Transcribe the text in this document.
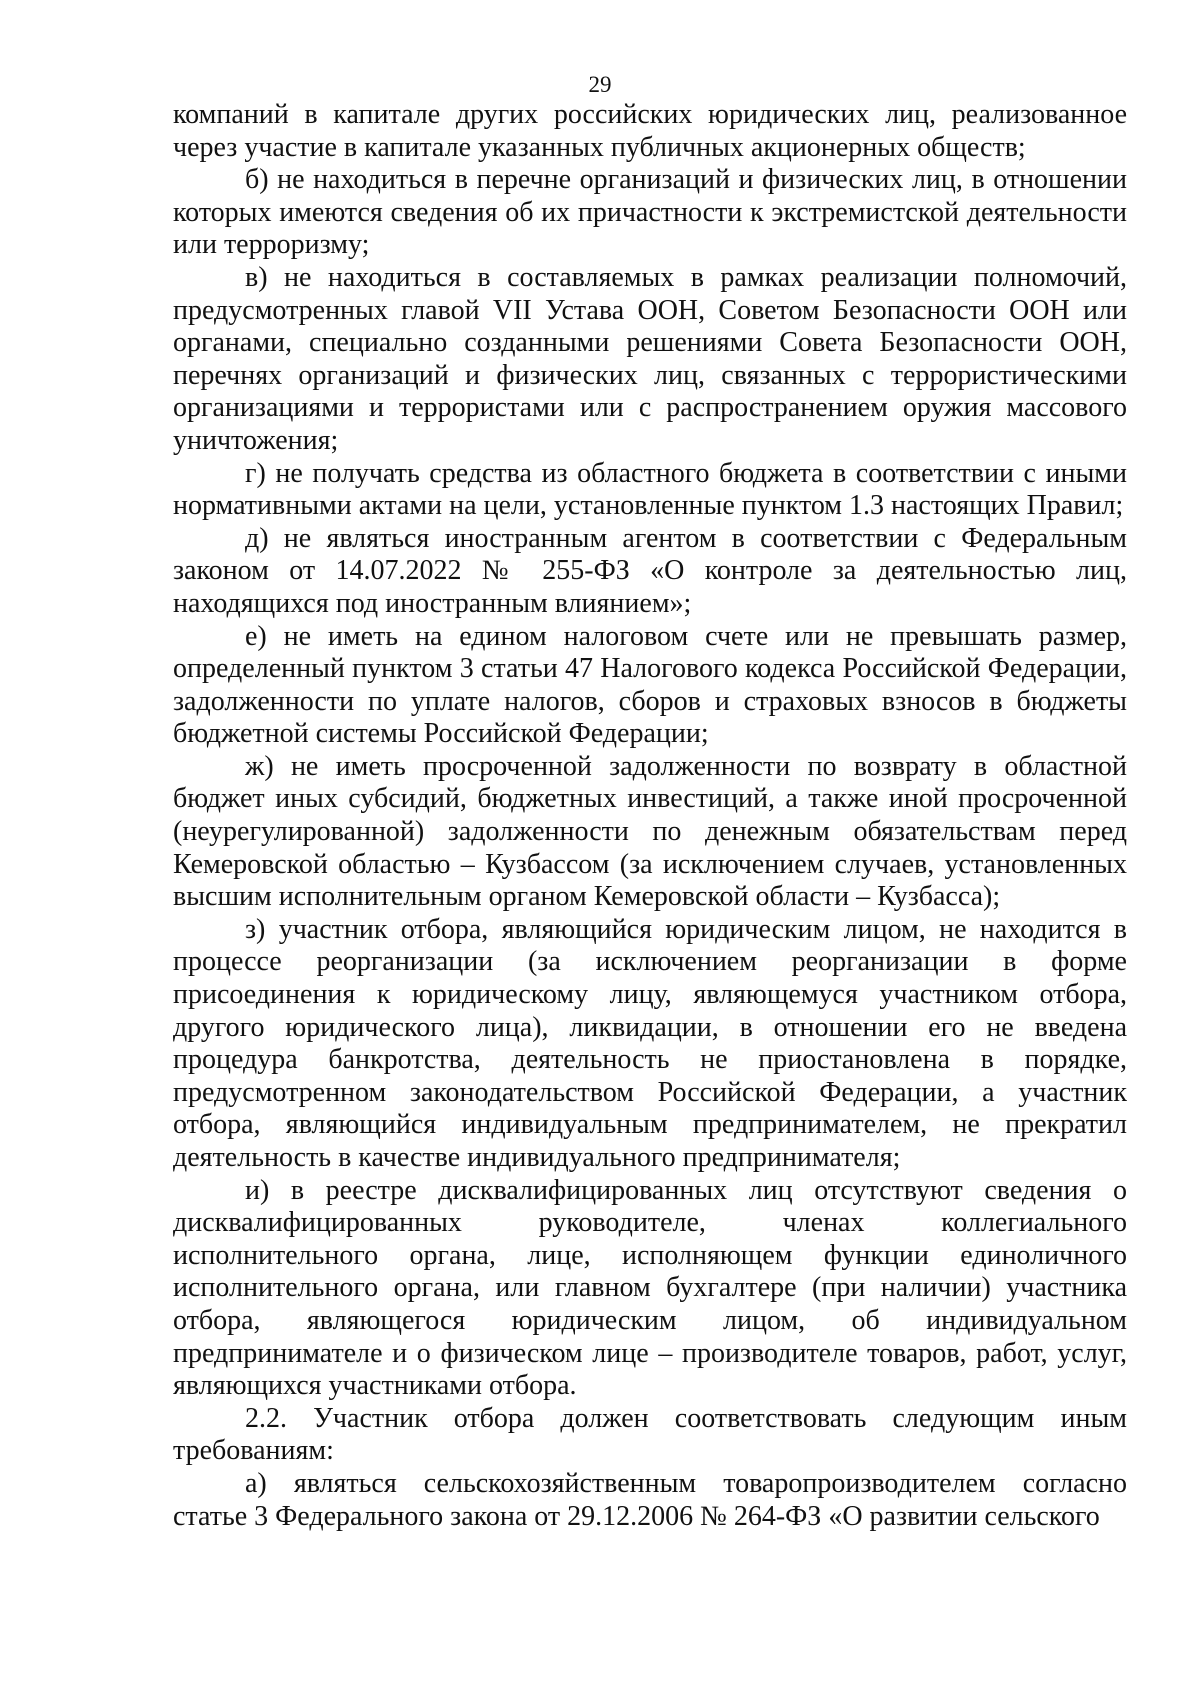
29

компаний в капитале других российских юридических лиц, реализованное через участие в капитале указанных публичных акционерных обществ;

б) не находиться в перечне организаций и физических лиц, в отношении которых имеются сведения об их причастности к экстремистской деятельности или терроризму;

в) не находиться в составляемых в рамках реализации полномочий, предусмотренных главой VII Устава ООН, Советом Безопасности ООН или органами, специально созданными решениями Совета Безопасности ООН, перечнях организаций и физических лиц, связанных с террористическими организациями и террористами или с распространением оружия массового уничтожения;

г) не получать средства из областного бюджета в соответствии с иными нормативными актами на цели, установленные пунктом 1.3 настоящих Правил;

д) не являться иностранным агентом в соответствии с Федеральным законом от 14.07.2022 № 255-ФЗ «О контроле за деятельностью лиц, находящихся под иностранным влиянием»;

е) не иметь на едином налоговом счете или не превышать размер, определенный пунктом 3 статьи 47 Налогового кодекса Российской Федерации, задолженности по уплате налогов, сборов и страховых взносов в бюджеты бюджетной системы Российской Федерации;

ж) не иметь просроченной задолженности по возврату в областной бюджет иных субсидий, бюджетных инвестиций, а также иной просроченной (неурегулированной) задолженности по денежным обязательствам перед Кемеровской областью – Кузбассом (за исключением случаев, установленных высшим исполнительным органом Кемеровской области – Кузбасса);

з) участник отбора, являющийся юридическим лицом, не находится в процессе реорганизации (за исключением реорганизации в форме присоединения к юридическому лицу, являющемуся участником отбора, другого юридического лица), ликвидации, в отношении его не введена процедура банкротства, деятельность не приостановлена в порядке, предусмотренном законодательством Российской Федерации, а участник отбора, являющийся индивидуальным предпринимателем, не прекратил деятельность в качестве индивидуального предпринимателя;

и) в реестре дисквалифицированных лиц отсутствуют сведения о дисквалифицированных руководителе, членах коллегиального исполнительного органа, лице, исполняющем функции единоличного исполнительного органа, или главном бухгалтере (при наличии) участника отбора, являющегося юридическим лицом, об индивидуальном предпринимателе и о физическом лице – производителе товаров, работ, услуг, являющихся участниками отбора.

2.2. Участник отбора должен соответствовать следующим иным требованиям:

а) являться сельскохозяйственным товаропроизводителем согласно статье 3 Федерального закона от 29.12.2006 № 264-ФЗ «О развитии сельского
